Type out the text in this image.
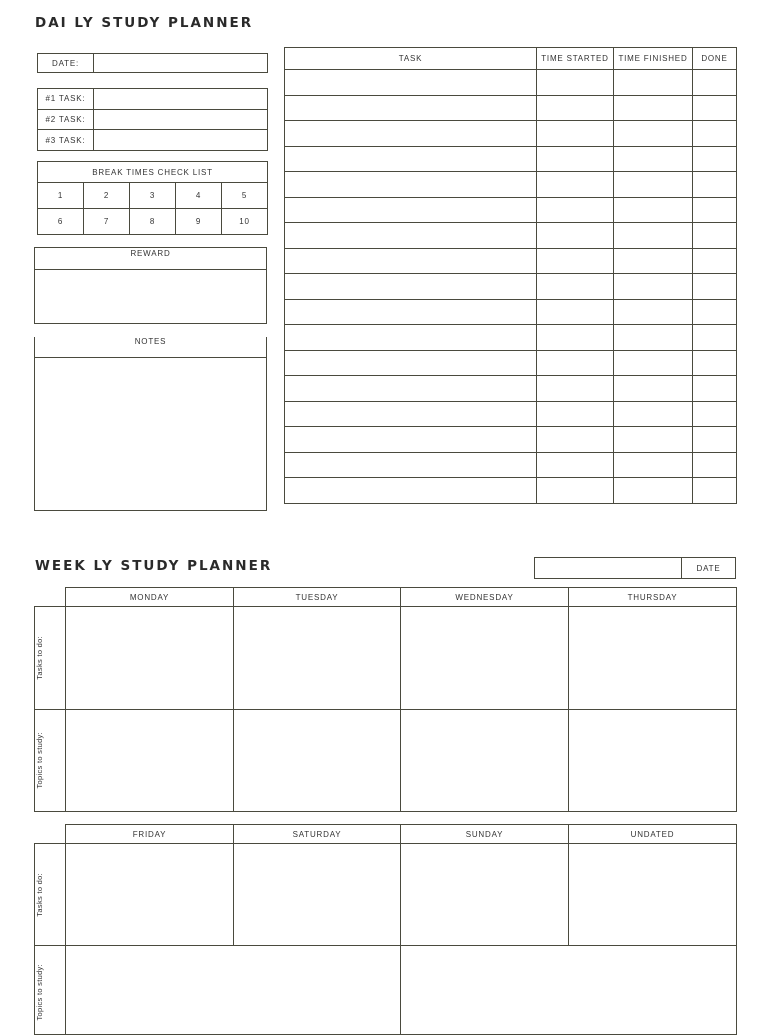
DAI LY STUDY PLANNER
DATE:	
#1 TASK:	
#2 TASK:	
#3 TASK:	
BREAK TIMES CHECK LIST				
1	2	3	4	5
6	7	8	9	10
REWARD

NOTES
TASK	TIME STARTED	TIME FINISHED	DONE

WEEK LY STUDY PLANNER
		DATE
	MONDAY	TUESDAY	WEDNESDAY	THURSDAY

Tasks to do:				

Topics to study:				

	FRIDAY	SATURDAY	SUNDAY	UNDATED

Tasks to do:				

Topics to study:				
